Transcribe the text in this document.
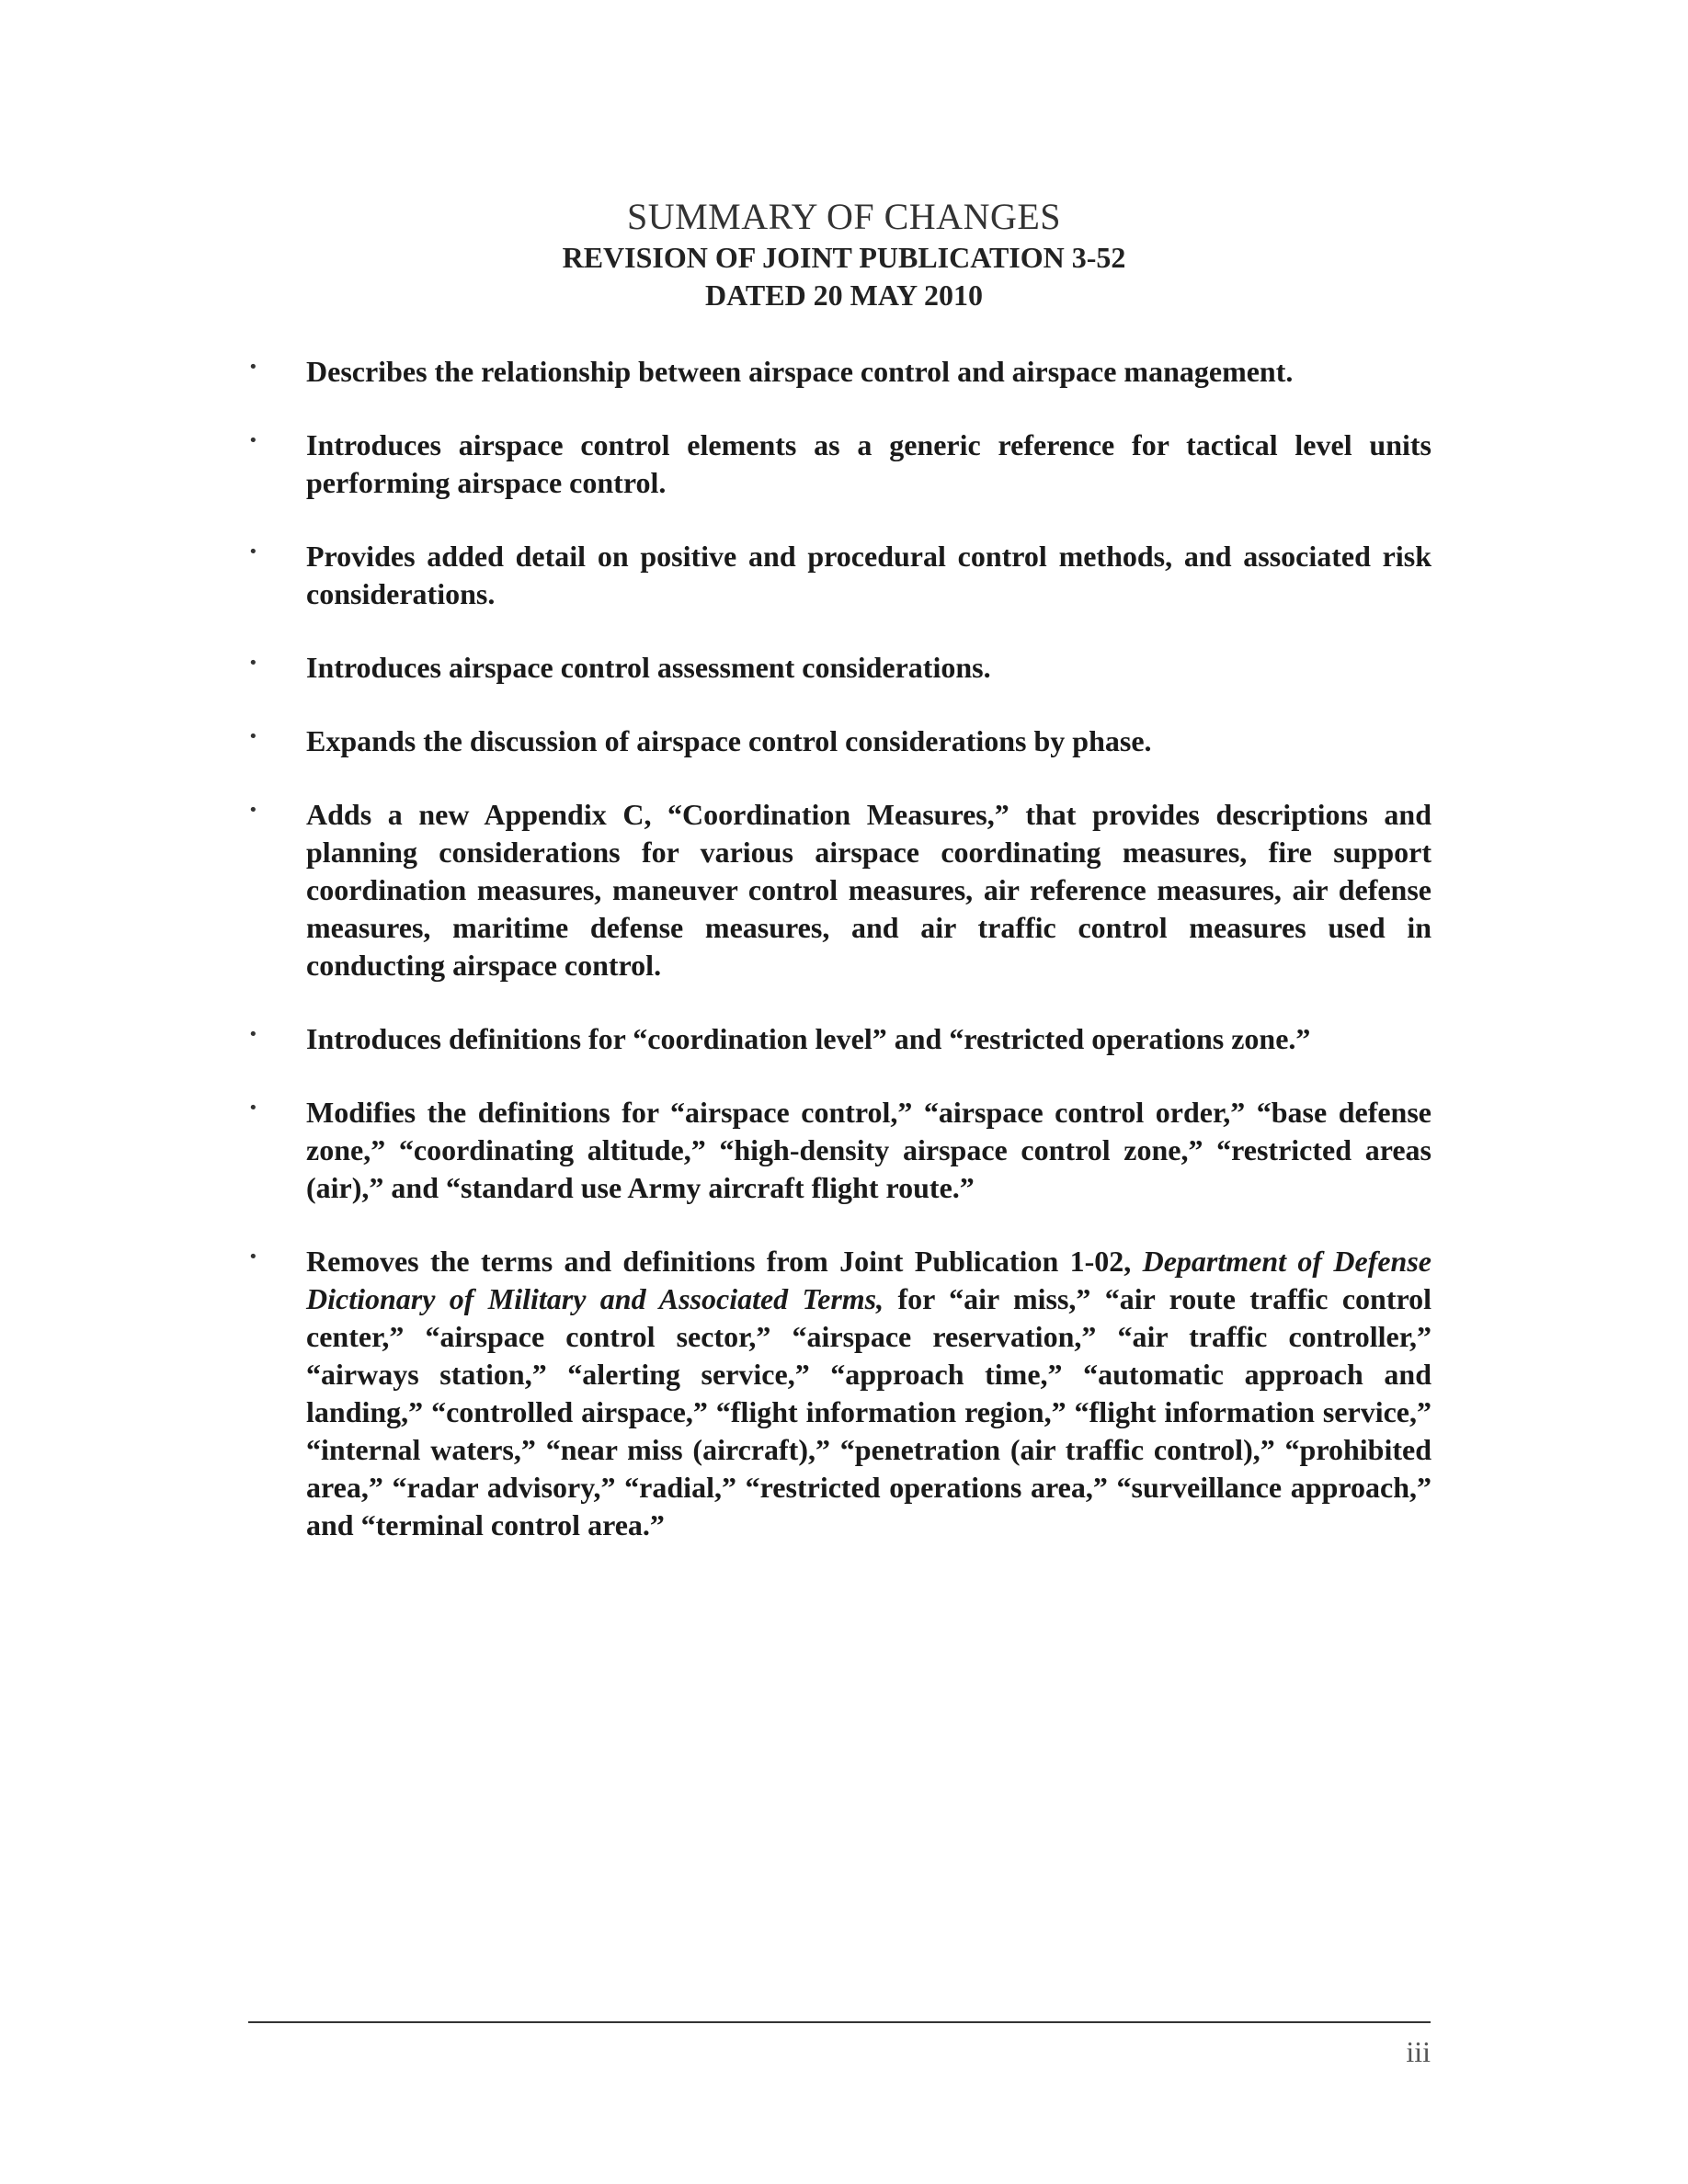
SUMMARY OF CHANGES
REVISION OF JOINT PUBLICATION 3-52
DATED 20 MAY 2010
· Describes the relationship between airspace control and airspace management.
· Introduces airspace control elements as a generic reference for tactical level units performing airspace control.
· Provides added detail on positive and procedural control methods, and associated risk considerations.
· Introduces airspace control assessment considerations.
· Expands the discussion of airspace control considerations by phase.
· Adds a new Appendix C, “Coordination Measures,” that provides descriptions and planning considerations for various airspace coordinating measures, fire support coordination measures, maneuver control measures, air reference measures, air defense measures, maritime defense measures, and air traffic control measures used in conducting airspace control.
· Introduces definitions for “coordination level” and “restricted operations zone.”
· Modifies the definitions for “airspace control,” “airspace control order,” “base defense zone,” “coordinating altitude,” “high-density airspace control zone,” “restricted areas (air),” and “standard use Army aircraft flight route.”
· Removes the terms and definitions from Joint Publication 1-02, Department of Defense Dictionary of Military and Associated Terms, for “air miss,” “air route traffic control center,” “airspace control sector,” “airspace reservation,” “air traffic controller,” “airways station,” “alerting service,” “approach time,” “automatic approach and landing,” “controlled airspace,” “flight information region,” “flight information service,” “internal waters,” “near miss (aircraft),” “penetration (air traffic control),” “prohibited area,” “radar advisory,” “radial,” “restricted operations area,” “surveillance approach,” and “terminal control area.”
iii
